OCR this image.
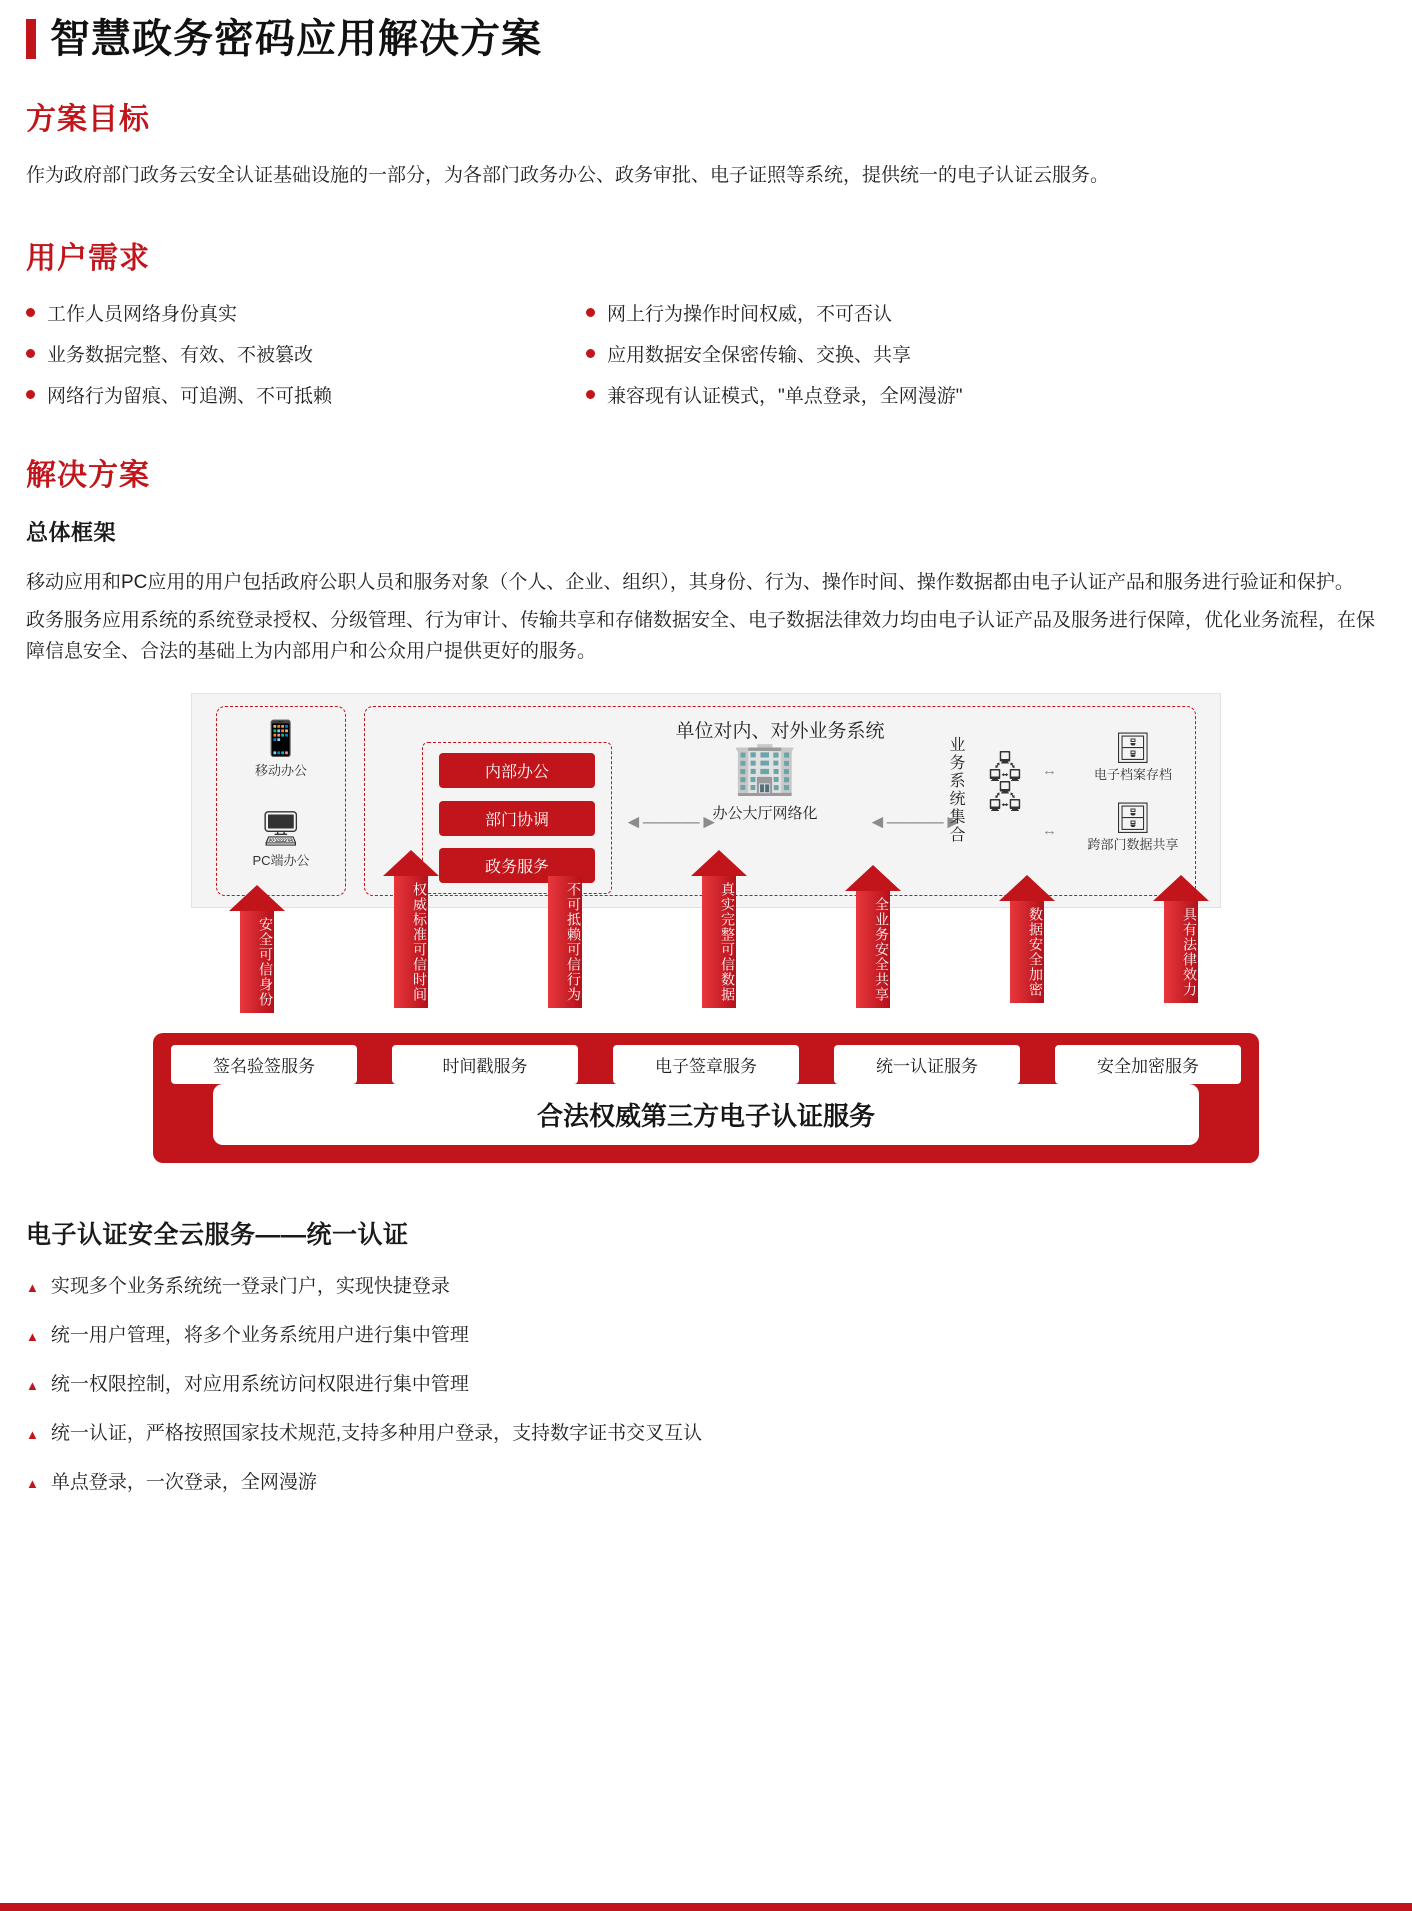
智慧政务密码应用解决方案
方案目标

作为政府部门政务云安全认证基础设施的一部分，为各部门政务办公、政务审批、电子证照等系统，提供统一的电子认证云服务。

用户需求
工作人员网络身份真实	网上行为操作时间权威，不可否认
业务数据完整、有效、不被篡改	应用数据安全保密传输、交换、共享
网络行为留痕、可追溯、不可抵赖	兼容现有认证模式，"单点登录，全网漫游"
解决方案
总体框架

移动应用和PC应用的用户包括政府公职人员和服务对象（个人、企业、组织），其身份、行为、操作时间、操作数据都由电子认证产品和服务进行验证和保护。

政务服务应用系统的系统登录授权、分级管理、行为审计、传输共享和存储数据安全、电子数据法律效力均由电子认证产品及服务进行保障，优化业务流程，在保障信息安全、合法的基础上为内部用户和公众用户提供更好的服务。

单位对内、对外业务系统
📱
移动办公
🖥
PC端办公
内部办公
部门协调
政务服务
◄———►
🏢
办公大厅网络化	◄———►
业务系统集合 🖧
🖧
↔
↔
🗄
电子档案存档
🗄
跨部门数据共享
安全可信身份	权威标准可信时间	不可抵赖可信行为	真实完整可信数据	全业务安全共享	数据安全加密	具有法律效力
签名验签服务	时间戳服务	电子签章服务	统一认证服务	安全加密服务
合法权威第三方电子认证服务
电子认证安全云服务——统一认证
▲ 实现多个业务系统统一登录门户，实现快捷登录
▲ 统一用户管理，将多个业务系统用户进行集中管理
▲ 统一权限控制，对应用系统访问权限进行集中管理
▲ 统一认证，严格按照国家技术规范,支持多种用户登录，支持数字证书交叉互认
▲ 单点登录，一次登录，全网漫游
